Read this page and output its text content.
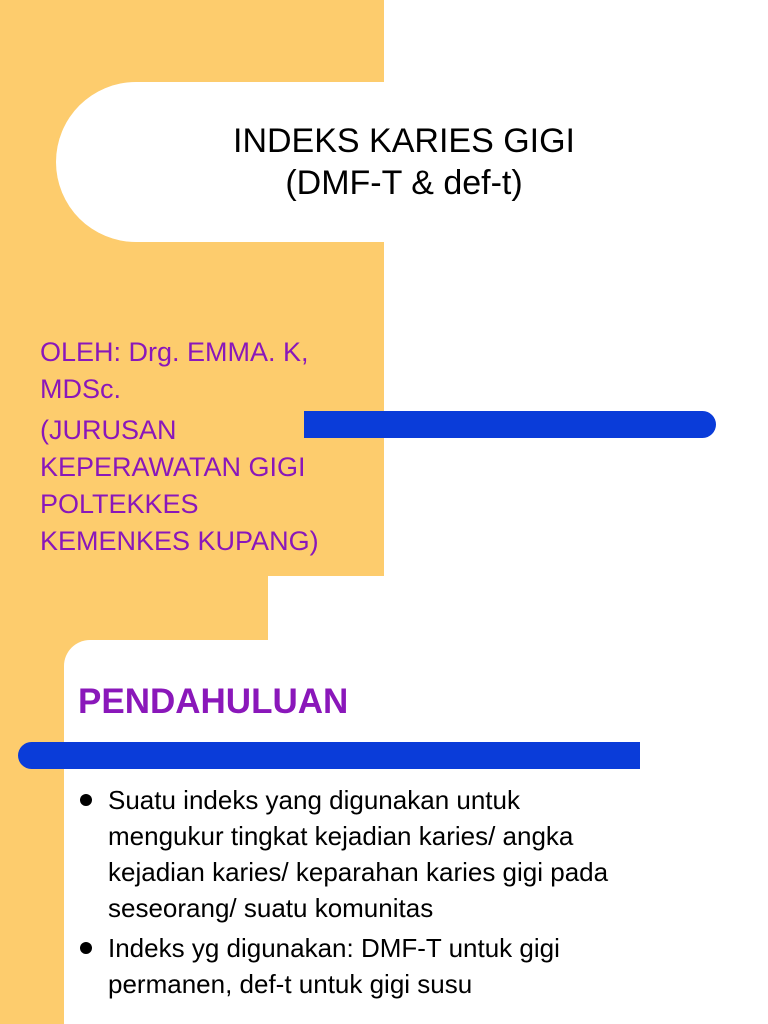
INDEKS KARIES GIGI
(DMF-T & def-t)

OLEH: Drg. EMMA. K,

MDSc.

(JURUSAN

KEPERAWATAN GIGI

POLTEKKES

KEMENKES KUPANG)

PENDAHULUAN
Suatu indeks yang digunakan untuk
mengukur tingkat kejadian karies/ angka
kejadian karies/ keparahan karies gigi pada
seseorang/ suatu komunitas
Indeks yg digunakan: DMF-T untuk gigi
permanen, def-t untuk gigi susu
